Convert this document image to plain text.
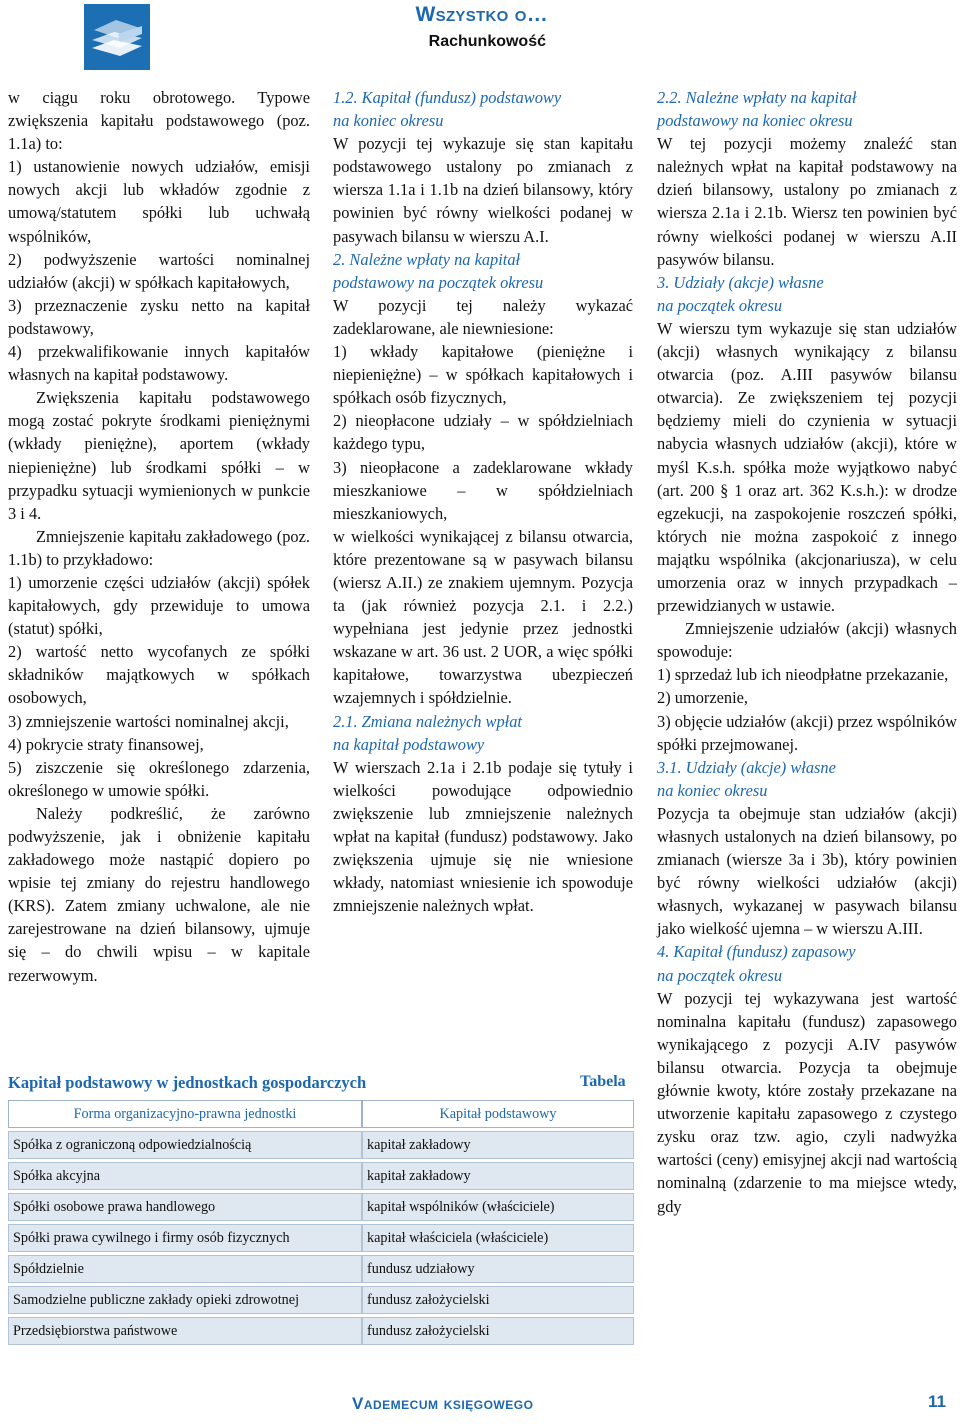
Wszystko o…
Rachunkowość

w ciągu roku obrotowego. Typowe zwiększenia kapitału podstawowego (poz. 1.1a) to:

1) ustanowienie nowych udziałów, emisji nowych akcji lub wkładów zgodnie z umową/statutem spółki lub uchwałą wspólników,

2) podwyższenie wartości nominalnej udziałów (akcji) w spółkach kapitałowych,

3) przeznaczenie zysku netto na kapitał podstawowy,

4) przekwalifikowanie innych kapitałów własnych na kapitał podstawowy.

Zwiększenia kapitału podstawowego mogą zostać pokryte środkami pieniężnymi (wkłady pieniężne), aportem (wkłady niepieniężne) lub środkami spółki – w przypadku sytuacji wymienionych w punkcie 3 i 4.

Zmniejszenie kapitału zakładowego (poz. 1.1b) to przykładowo:

1) umorzenie części udziałów (akcji) spółek kapitałowych, gdy przewiduje to umowa (statut) spółki,

2) wartość netto wycofanych ze spółki składników majątkowych w spółkach osobowych,

3) zmniejszenie wartości nominalnej akcji,

4) pokrycie straty finansowej,

5) ziszczenie się określonego zdarzenia, określonego w umowie spółki.

Należy podkreślić, że zarówno podwyższenie, jak i obniżenie kapitału zakładowego może nastąpić dopiero po wpisie tej zmiany do rejestru handlowego (KRS). Zatem zmiany uchwalone, ale nie zarejestrowane na dzień bilansowy, ujmuje się – do chwili wpisu – w kapitale rezerwowym.

1.2. Kapitał (fundusz) podstawowy

na koniec okresu

W pozycji tej wykazuje się stan kapitału podstawowego ustalony po zmianach z wiersza 1.1a i 1.1b na dzień bilansowy, który powinien być równy wielkości podanej w pasywach bilansu w wierszu A.I.

2. Należne wpłaty na kapitał

podstawowy na początek okresu

W pozycji tej należy wykazać zadeklarowane, ale niewniesione:

1) wkłady kapitałowe (pieniężne i niepieniężne) – w spółkach kapitałowych i spółkach osób fizycznych,

2) nieopłacone udziały – w spółdzielniach każdego typu,

3) nieopłacone a zadeklarowane wkłady mieszkaniowe – w spółdzielniach mieszkaniowych,

w wielkości wynikającej z bilansu otwarcia, które prezentowane są w pasywach bilansu (wiersz A.II.) ze znakiem ujemnym. Pozycja ta (jak również pozycja 2.1. i 2.2.) wypełniana jest jedynie przez jednostki wskazane w art. 36 ust. 2 UOR, a więc spółki kapitałowe, towarzystwa ubezpieczeń wzajemnych i spółdzielnie.

2.1. Zmiana należnych wpłat

na kapitał podstawowy

W wierszach 2.1a i 2.1b podaje się tytuły i wielkości powodujące odpowiednio zwiększenie lub zmniejszenie należnych wpłat na kapitał (fundusz) podstawowy. Jako zwiększenia ujmuje się nie wniesione wkłady, natomiast wniesienie ich spowoduje zmniejszenie należnych wpłat.

2.2. Należne wpłaty na kapitał

podstawowy na koniec okresu

W tej pozycji możemy znaleźć stan należnych wpłat na kapitał podstawowy na dzień bilansowy, ustalony po zmianach z wiersza 2.1a i 2.1b. Wiersz ten powinien być równy wielkości podanej w wierszu A.II pasywów bilansu.

3. Udziały (akcje) własne

na początek okresu

W wierszu tym wykazuje się stan udziałów (akcji) własnych wynikający z bilansu otwarcia (poz. A.III pasywów bilansu otwarcia). Ze zwiększeniem tej pozycji będziemy mieli do czynienia w sytuacji nabycia własnych udziałów (akcji), które w myśl K.s.h. spółka może wyjątkowo nabyć (art. 200 § 1 oraz art. 362 K.s.h.): w drodze egzekucji, na zaspokojenie roszczeń spółki, których nie można zaspokoić z innego majątku wspólnika (akcjonariusza), w celu umorzenia oraz w innych przypadkach – przewidzianych w ustawie.

Zmniejszenie udziałów (akcji) własnych spowoduje:

1) sprzedaż lub ich nieodpłatne przekazanie,

2) umorzenie,

3) objęcie udziałów (akcji) przez wspólników spółki przejmowanej.

3.1. Udziały (akcje) własne

na koniec okresu

Pozycja ta obejmuje stan udziałów (akcji) własnych ustalonych na dzień bilansowy, po zmianach (wiersze 3a i 3b), który powinien być równy wielkości udziałów (akcji) własnych, wykazanej w pasywach bilansu jako wielkość ujemna – w wierszu A.III.

4. Kapitał (fundusz) zapasowy

na początek okresu

W pozycji tej wykazywana jest wartość nominalna kapitału (fundusz) zapasowego wynikającego z pozycji A.IV pasywów bilansu otwarcia. Pozycja ta obejmuje głównie kwoty, które zostały przekazane na utworzenie kapitału zapasowego z czystego zysku oraz tzw. agio, czyli nadwyżka wartości (ceny) emisyjnej akcji nad wartością nominalną (zdarzenie to ma miejsce wtedy, gdy

Kapitał podstawowy w jednostkach gospodarczych	Tabela
Forma organizacyjno-prawna jednostki	Kapitał podstawowy
Spółka z ograniczoną odpowiedzialnością	kapitał zakładowy
Spółka akcyjna	kapitał zakładowy
Spółki osobowe prawa handlowego	kapitał wspólników (właściciele)
Spółki prawa cywilnego i firmy osób fizycznych	kapitał właściciela (właściciele)
Spółdzielnie	fundusz udziałowy
Samodzielne publiczne zakłady opieki zdrowotnej	fundusz założycielski
Przedsiębiorstwa państwowe	fundusz założycielski
Vademecum księgowego	11
